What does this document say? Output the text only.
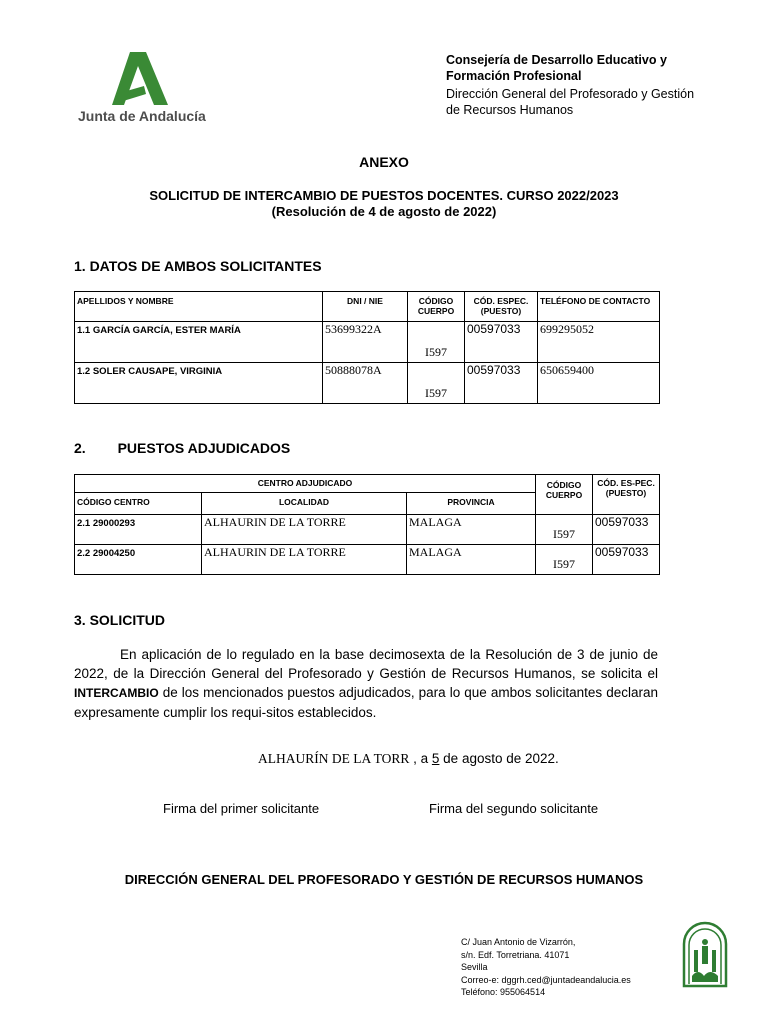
Junta de Andalucía
Consejería de Desarrollo Educativo y
Formación Profesional
Dirección General del Profesorado y Gestión
de Recursos Humanos
ANEXO
SOLICITUD DE INTERCAMBIO DE PUESTOS DOCENTES. CURSO 2022/2023
(Resolución de 4 de agosto de 2022)
1. DATOS DE AMBOS SOLICITANTES
APELLIDOS Y NOMBRE	DNI / NIE	CÓDIGO CUERPO	CÓD. ESPEC. (PUESTO)	TELÉFONO DE CONTACTO
1.1 GARCÍA GARCÍA, ESTER MARÍA	53699322A	I597	00597033	699295052
1.2 SOLER CAUSAPE, VIRGINIA	50888078A	I597	00597033	650659400
2. PUESTOS ADJUDICADOS
CENTRO ADJUDICADO			CÓDIGO CUERPO	CÓD. ES-PEC. (PUESTO)
CÓDIGO CENTRO	LOCALIDAD	PROVINCIA		
2.1 29000293	ALHAURIN DE LA TORRE	MALAGA	I597	00597033
2.2 29004250	ALHAURIN DE LA TORRE	MALAGA	I597	00597033
3. SOLICITUD
En aplicación de lo regulado en la base decimosexta de la Resolución de 3 de junio de 2022, de la Dirección General del Profesorado y Gestión de Recursos Humanos, se solicita el INTERCAMBIO de los mencionados puestos adjudicados, para lo que ambos solicitantes declaran expresamente cumplir los requi-sitos establecidos.
ALHAURÍN DE LA TORR , a 5 de agosto de 2022.
Firma del primer solicitante	Firma del segundo solicitante
DIRECCIÓN GENERAL DEL PROFESORADO Y GESTIÓN DE RECURSOS HUMANOS
C/ Juan Antonio de Vizarrón,
s/n. Edf. Torretriana. 41071
Sevilla
Correo-e: dggrh.ced@juntadeandalucia.es
Teléfono: 955064514
